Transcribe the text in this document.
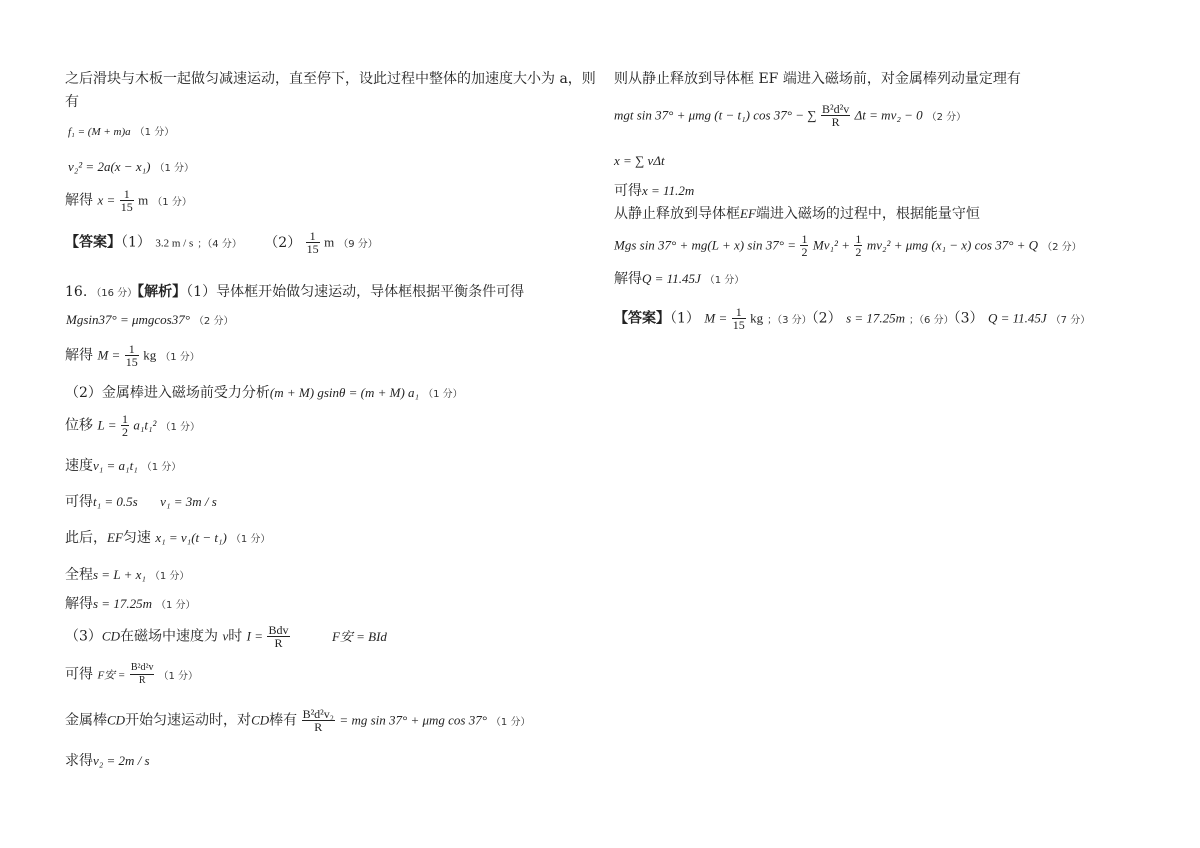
之后滑块与木板一起做匀减速运动，直至停下，设此过程中整体的加速度大小为 a，则
有
f₁ = (M + m)a （1 分）
v₂² = 2a(x − x₁) （1 分）
解得 $x = \frac{1}{15}$ m （1 分）
【答案】（1） 3.2 m / s ；（4 分） $(2) \frac{1}{15}$ m （9 分）
16. （16 分）【解析】（1）导体框开始做匀速运动，导体框根据平衡条件可得
Mgsin37° = μmgcos37° （2 分）
解得 $M = \frac{1}{15}$ kg （1 分）
（2）金属棒进入磁场前受力分析(m + M) gsinθ = (m + M) a₁ （1 分）
位移 $L = \frac{1}{2} a_1t_1^2$ （1 分）
速度v₁ = a₁t₁ （1 分）
可得t₁ = 0.5s v₁ = 3m / s
此后，EF匀速 x₁ = v₁(t − t₁) （1 分）
全程s = L + x₁ （1 分）
解得s = 17.25m （1 分）
（3）CD在磁场中速度为 v时 $I = \frac{\text{Bdv}}{R}$	F安 = BId
可得 F安 = $\frac{\text{B²d²v}}{R} (1$ 分）
金属棒CD开始匀速运动时，对CD棒有 $\frac{\text{B²d²v₂}}{R}$ = mg sin 37° + μmg cos 37° （1 分）
求得v₂ = 2m / s
则从静止释放到导体框 EF 端进入磁场前，对金属棒列动量定理有
mgt sin 37° + μmg (t − t₁) cos 37° − ∑ $\frac{\text{B²d²v}}{R}$ Δt = mv₂ − 0 （2 分）
x = ∑ vΔt
可得x = 11.2m
从静止释放到导体框EF端进入磁场的过程中，根据能量守恒
Mgs sin 37° + mg(L + x) $\sin 37^\circ = \frac{1}{2} Mv_1^2 + \frac{1}{2} mv_2^2 + \mu mg$ (x₁ − x) cos 37° + Q （2 分）
解得Q = 11.45J （1 分）
【答案】（1） $M = \frac{1}{15}$ kg ；（3 分）（2） s = 17.25m ；（6 分）（3） Q = 11.45J （7 分）
